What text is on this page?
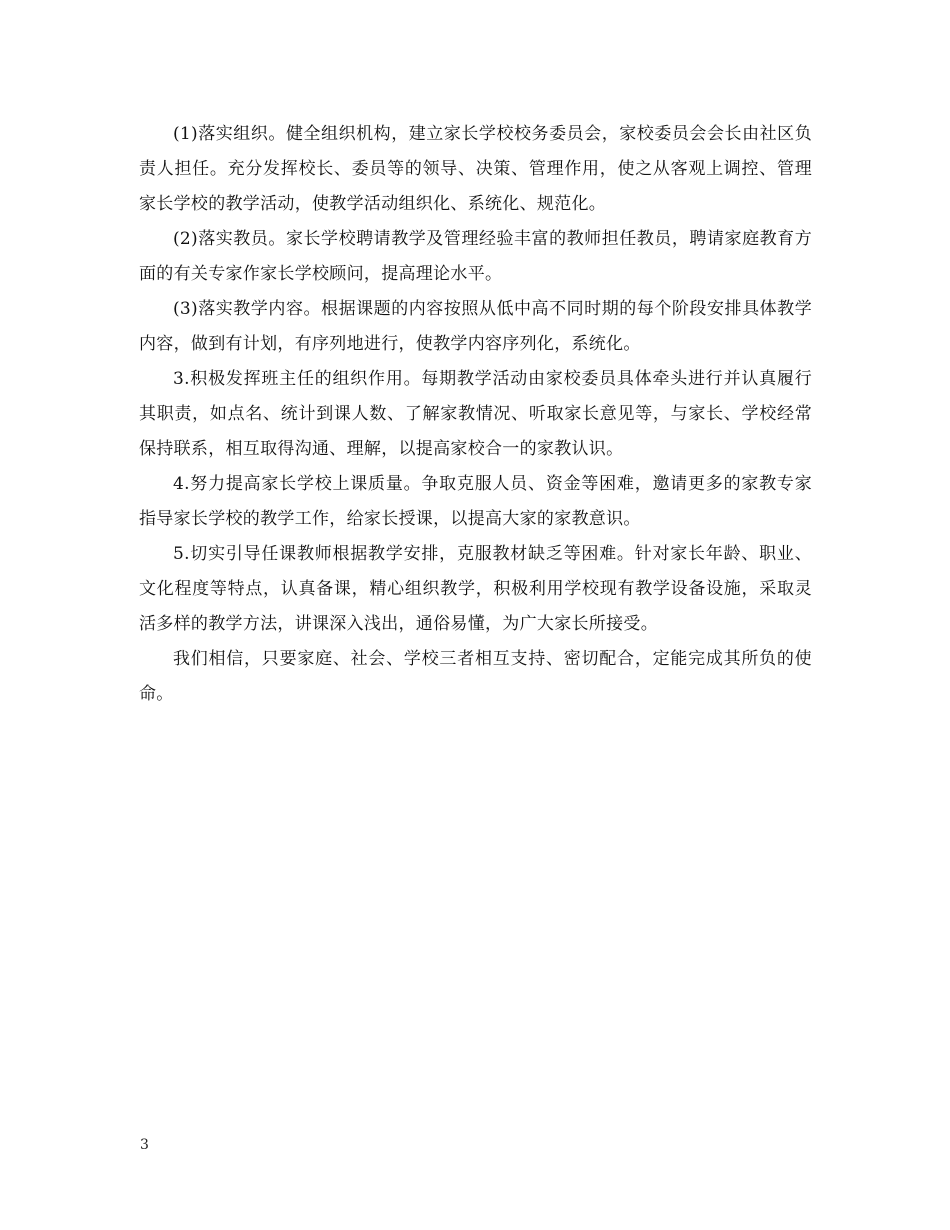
(1)落实组织。健全组织机构，建立家长学校校务委员会，家校委员会会长由社区负责人担任。充分发挥校长、委员等的领导、决策、管理作用，使之从客观上调控、管理家长学校的教学活动，使教学活动组织化、系统化、规范化。

(2)落实教员。家长学校聘请教学及管理经验丰富的教师担任教员，聘请家庭教育方面的有关专家作家长学校顾问，提高理论水平。

(3)落实教学内容。根据课题的内容按照从低中高不同时期的每个阶段安排具体教学内容，做到有计划，有序列地进行，使教学内容序列化，系统化。

3.积极发挥班主任的组织作用。每期教学活动由家校委员具体牵头进行并认真履行其职责，如点名、统计到课人数、了解家教情况、听取家长意见等，与家长、学校经常保持联系，相互取得沟通、理解，以提高家校合一的家教认识。

4.努力提高家长学校上课质量。争取克服人员、资金等困难，邀请更多的家教专家指导家长学校的教学工作，给家长授课，以提高大家的家教意识。

5.切实引导任课教师根据教学安排，克服教材缺乏等困难。针对家长年龄、职业、文化程度等特点，认真备课，精心组织教学，积极利用学校现有教学设备设施，采取灵活多样的教学方法，讲课深入浅出，通俗易懂，为广大家长所接受。

我们相信，只要家庭、社会、学校三者相互支持、密切配合，定能完成其所负的使命。

3
